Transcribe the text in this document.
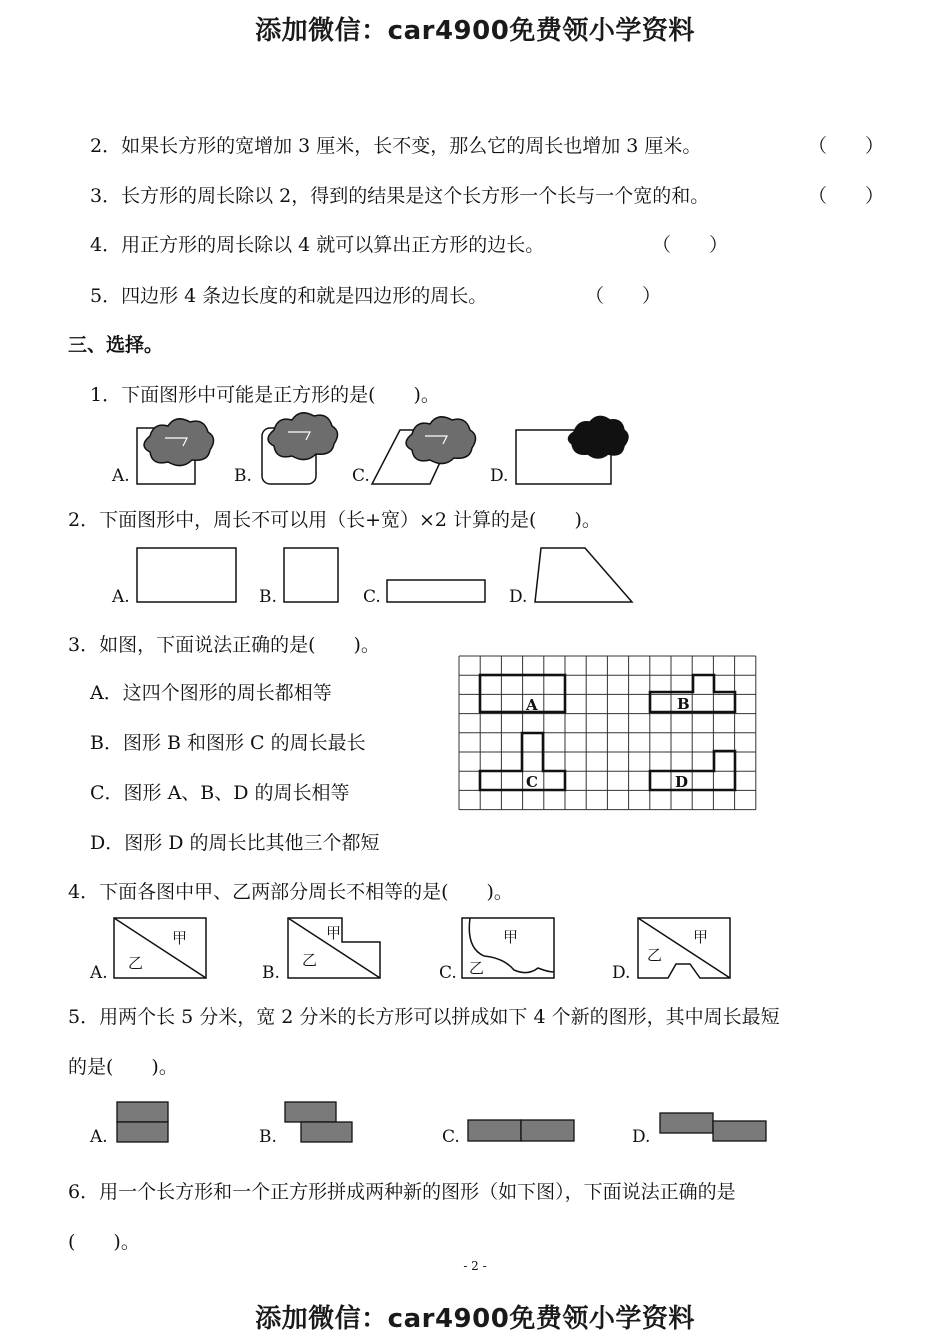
添加微信：car4900免费领小学资料
2．如果长方形的宽增加 3 厘米，长不变，那么它的周长也增加 3 厘米。	（　　）
3．长方形的周长除以 2，得到的结果是这个长方形一个长与一个宽的和。	（　　）
4．用正方形的周长除以 4 就可以算出正方形的边长。	（　　）
5．四边形 4 条边长度的和就是四边形的周长。	（　　）
三、选择。
1．下面图形中可能是正方形的是(　　)。
A.	B.	C.	D.
2．下面图形中，周长不可以用（长+宽）×2 计算的是(　　)。
A.	B.	C.	D.
3．如图，下面说法正确的是(　　)。
A．这四个图形的周长都相等
B．图形 B 和图形 C 的周长最长
C．图形 A、B、D 的周长相等
D．图形 D 的周长比其他三个都短
A	B
C	D
4．下面各图中甲、乙两部分周长不相等的是(　　)。
A.	B.	C.	D.
甲
乙
甲
乙
甲
乙
甲
乙
5．用两个长 5 分米，宽 2 分米的长方形可以拼成如下 4 个新的图形，其中周长最短
的是(　　)。
A.	B.	C.	D.
6．用一个长方形和一个正方形拼成两种新的图形（如下图），下面说法正确的是
(　　)。
- 2 -
添加微信：car4900免费领小学资料
